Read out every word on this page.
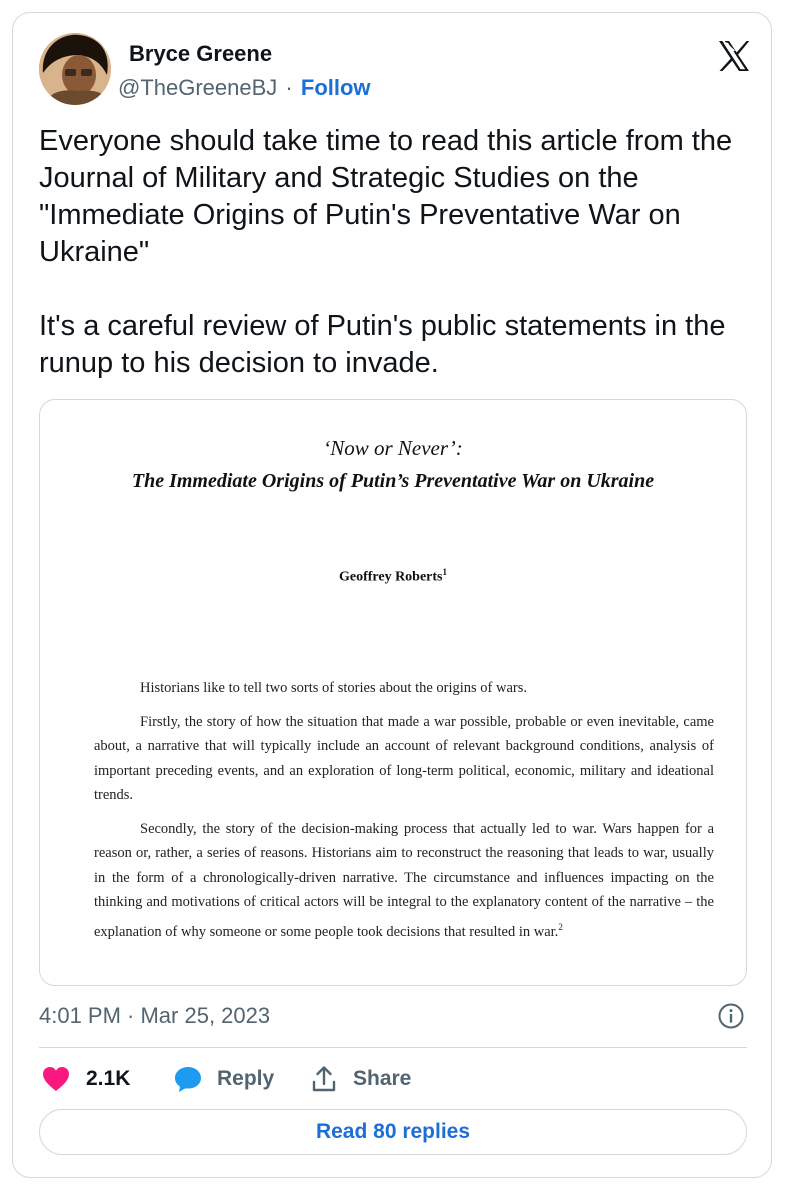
Bryce Greene
@TheGreeneBJ · Follow

Everyone should take time to read this article from the Journal of Military and Strategic Studies on the "Immediate Origins of Putin's Preventative War on Ukraine"

It's a careful review of Putin's public statements in the runup to his decision to invade.

‘Now or Never’:
The Immediate Origins of Putin’s Preventative War on Ukraine
Geoffrey Roberts$^1$

Historians like to tell two sorts of stories about the origins of wars.

Firstly, the story of how the situation that made a war possible, probable or even inevitable, came about, a narrative that will typically include an account of relevant background conditions, analysis of important preceding events, and an exploration of long-term political, economic, military and ideational trends.

Secondly, the story of the decision-making process that actually led to war. Wars happen for a reason or, rather, a series of reasons. Historians aim to reconstruct the reasoning that leads to war, usually in the form of a chronologically-driven narrative. The circumstance and influences impacting on the thinking and motivations of critical actors will be integral to the explanatory content of the narrative – the explanation of why someone or some people took decisions that resulted in war.$^2$

4:01 PM · Mar 25, 2023
2.1K	Reply	Share
Read 80 replies
